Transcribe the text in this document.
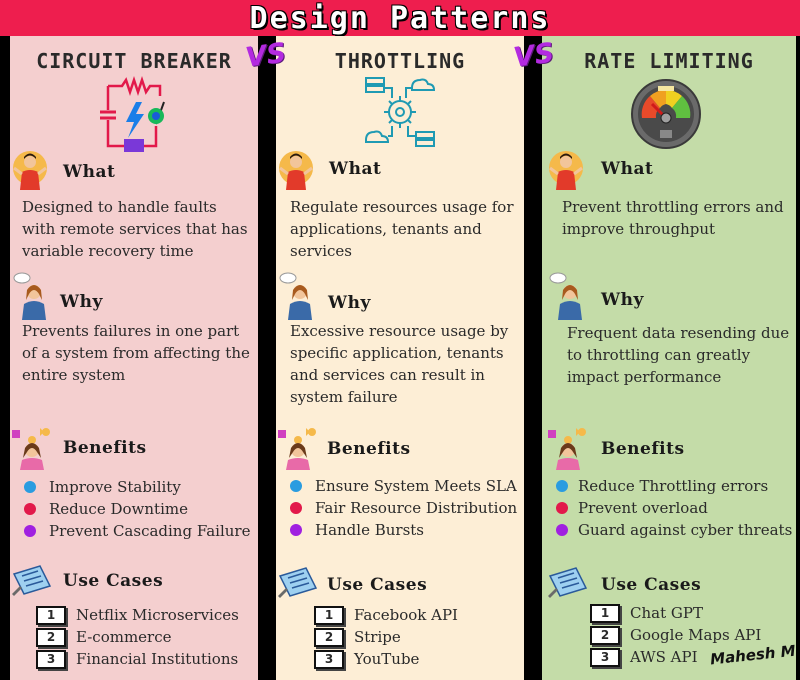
Design Patterns
CIRCUIT BREAKER
What
Designed to handle faults with remote services that has variable recovery time
Why
Prevents failures in one part of a system from affecting the entire system
Benefits
Improve Stability
Reduce Downtime
Prevent Cascading Failure
Use Cases
1	Netflix Microservices
2	E-commerce
3	Financial Institutions
THROTTLING
What
Regulate resources usage for applications, tenants and services
Why
Excessive resource usage by specific application, tenants and services can result in system failure
Benefits
Ensure System Meets SLA
Fair Resource Distribution
Handle Bursts
Use Cases
1	Facebook API
2	Stripe
3	YouTube
RATE LIMITING
What
Prevent throttling errors and improve throughput
Why
Frequent data resending due to throttling can greatly impact performance
Benefits
Reduce Throttling errors
Prevent overload
Guard against cyber threats
Use Cases
1	Chat GPT
2	Google Maps API
3	AWS API
VS	VS
Mahesh M
